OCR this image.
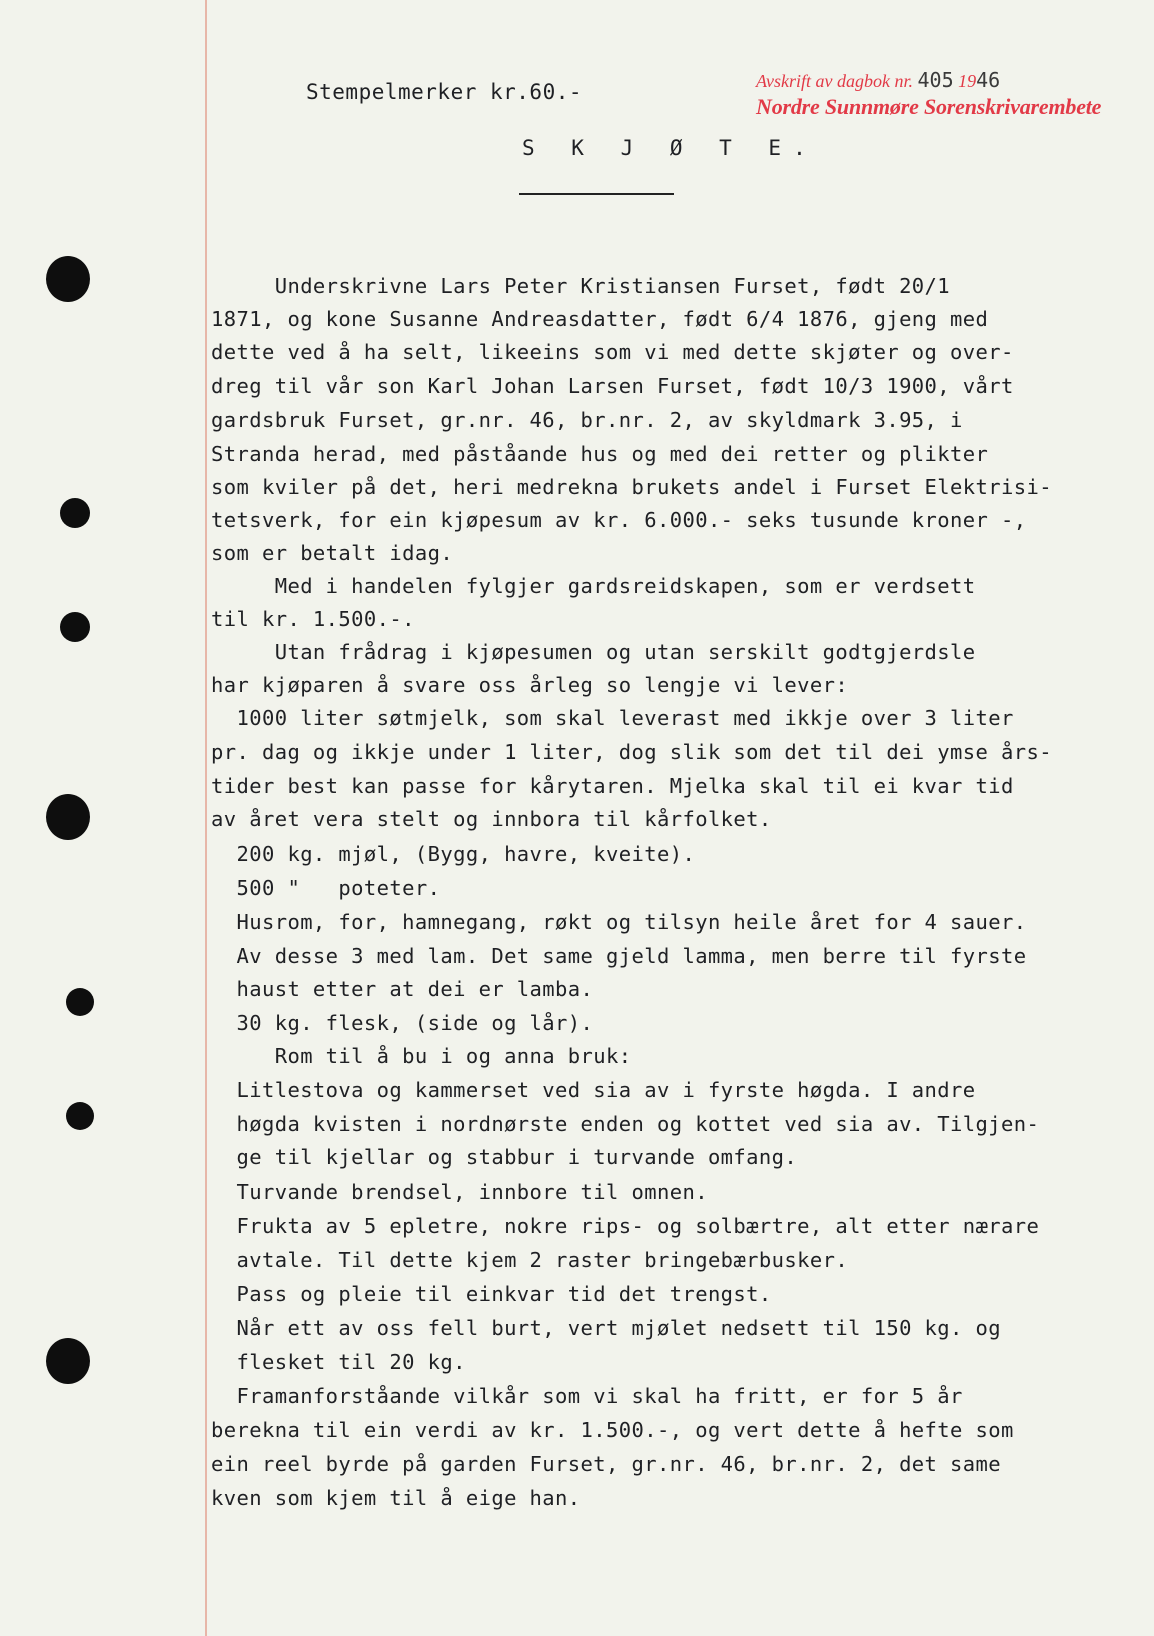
Stempelmerker kr.60.-	Avskrift av dagbok nr. 405 1946
Nordre Sunnmøre Sorenskrivarembete
S K J Ø T E.
Underskrivne Lars Peter Kristiansen Furset, født 20/1
1871, og kone Susanne Andreasdatter, født 6/4 1876, gjeng med
dette ved å ha selt, likeeins som vi med dette skjøter og over-
dreg til vår son Karl Johan Larsen Furset, født 10/3 1900, vårt
gardsbruk Furset, gr.nr. 46, br.nr. 2, av skyldmark 3.95, i
Stranda herad, med påståande hus og med dei retter og plikter
som kviler på det, heri medrekna brukets andel i Furset Elektrisi-
tetsverk, for ein kjøpesum av kr. 6.000.- seks tusunde kroner -,
som er betalt idag.
Med i handelen fylgjer gardsreidskapen, som er verdsett
til kr. 1.500.-.
Utan frådrag i kjøpesumen og utan serskilt godtgjerdsle
har kjøparen å svare oss årleg so lengje vi lever:
1000 liter søtmjelk, som skal leverast med ikkje over 3 liter
pr. dag og ikkje under 1 liter, dog slik som det til dei ymse års-
tider best kan passe for kårytaren. Mjelka skal til ei kvar tid
av året vera stelt og innbora til kårfolket.
200 kg. mjøl, (Bygg, havre, kveite).
500 "   poteter.
Husrom, for, hamnegang, røkt og tilsyn heile året for 4 sauer.
Av desse 3 med lam. Det same gjeld lamma, men berre til fyrste
haust etter at dei er lamba.
30 kg. flesk, (side og lår).
Rom til å bu i og anna bruk:
Litlestova og kammerset ved sia av i fyrste høgda. I andre
høgda kvisten i nordnørste enden og kottet ved sia av. Tilgjen-
ge til kjellar og stabbur i turvande omfang.
Turvande brendsel, innbore til omnen.
Frukta av 5 epletre, nokre rips- og solbærtre, alt etter nærare
avtale. Til dette kjem 2 raster bringebærbusker.
Pass og pleie til einkvar tid det trengst.
Når ett av oss fell burt, vert mjølet nedsett til 150 kg. og
flesket til 20 kg.
Framanforståande vilkår som vi skal ha fritt, er for 5 år
berekna til ein verdi av kr. 1.500.-, og vert dette å hefte som
ein reel byrde på garden Furset, gr.nr. 46, br.nr. 2, det same
kven som kjem til å eige han.
